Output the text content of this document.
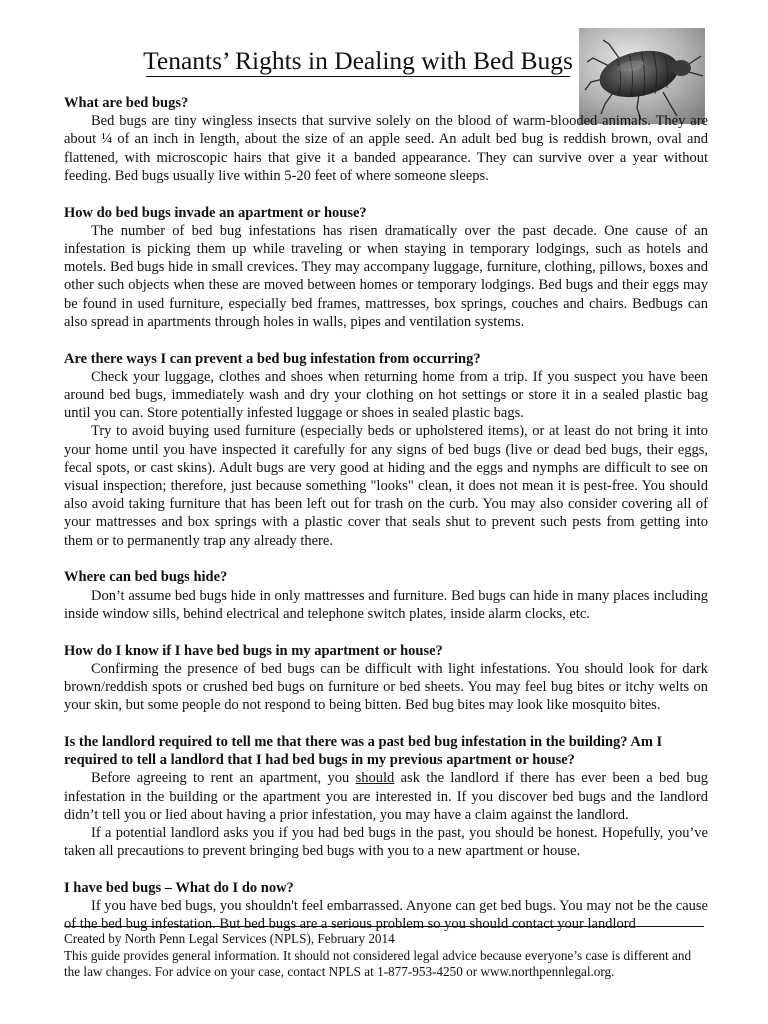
Tenants’ Rights in Dealing with Bed Bugs

What are bed bugs?

Bed bugs are tiny wingless insects that survive solely on the blood of warm-blooded animals. They are about ¼ of an inch in length, about the size of an apple seed. An adult bed bug is reddish brown, oval and flattened, with microscopic hairs that give it a banded appearance. They can survive over a year without feeding. Bed bugs usually live within 5-20 feet of where someone sleeps.

How do bed bugs invade an apartment or house?

The number of bed bug infestations has risen dramatically over the past decade. One cause of an infestation is picking them up while traveling or when staying in temporary lodgings, such as hotels and motels. Bed bugs hide in small crevices. They may accompany luggage, furniture, clothing, pillows, boxes and other such objects when these are moved between homes or temporary lodgings. Bed bugs and their eggs may be found in used furniture, especially bed frames, mattresses, box springs, couches and chairs. Bedbugs can also spread in apartments through holes in walls, pipes and ventilation systems.

Are there ways I can prevent a bed bug infestation from occurring?

Check your luggage, clothes and shoes when returning home from a trip. If you suspect you have been around bed bugs, immediately wash and dry your clothing on hot settings or store it in a sealed plastic bag until you can. Store potentially infested luggage or shoes in sealed plastic bags.

Try to avoid buying used furniture (especially beds or upholstered items), or at least do not bring it into your home until you have inspected it carefully for any signs of bed bugs (live or dead bed bugs, their eggs, fecal spots, or cast skins). Adult bugs are very good at hiding and the eggs and nymphs are difficult to see on visual inspection; therefore, just because something "looks" clean, it does not mean it is pest-free. You should also avoid taking furniture that has been left out for trash on the curb. You may also consider covering all of your mattresses and box springs with a plastic cover that seals shut to prevent such pests from getting into them or to permanently trap any already there.

Where can bed bugs hide?

Don’t assume bed bugs hide in only mattresses and furniture. Bed bugs can hide in many places including inside window sills, behind electrical and telephone switch plates, inside alarm clocks, etc.

How do I know if I have bed bugs in my apartment or house?

Confirming the presence of bed bugs can be difficult with light infestations. You should look for dark brown/reddish spots or crushed bed bugs on furniture or bed sheets. You may feel bug bites or itchy welts on your skin, but some people do not respond to being bitten. Bed bug bites may look like mosquito bites.

Is the landlord required to tell me that there was a past bed bug infestation in the building? Am I required to tell a landlord that I had bed bugs in my previous apartment or house?

Before agreeing to rent an apartment, you should ask the landlord if there has ever been a bed bug infestation in the building or the apartment you are interested in. If you discover bed bugs and the landlord didn’t tell you or lied about having a prior infestation, you may have a claim against the landlord.

If a potential landlord asks you if you had bed bugs in the past, you should be honest. Hopefully, you’ve taken all precautions to prevent bringing bed bugs with you to a new apartment or house.

I have bed bugs – What do I do now?

If you have bed bugs, you shouldn't feel embarrassed. Anyone can get bed bugs. You may not be the cause of the bed bug infestation. But bed bugs are a serious problem so you should contact your landlord

Created by North Penn Legal Services (NPLS), February 2014

This guide provides general information. It should not considered legal advice because everyone’s case is different and the law changes. For advice on your case, contact NPLS at 1-877-953-4250 or www.northpennlegal.org.
